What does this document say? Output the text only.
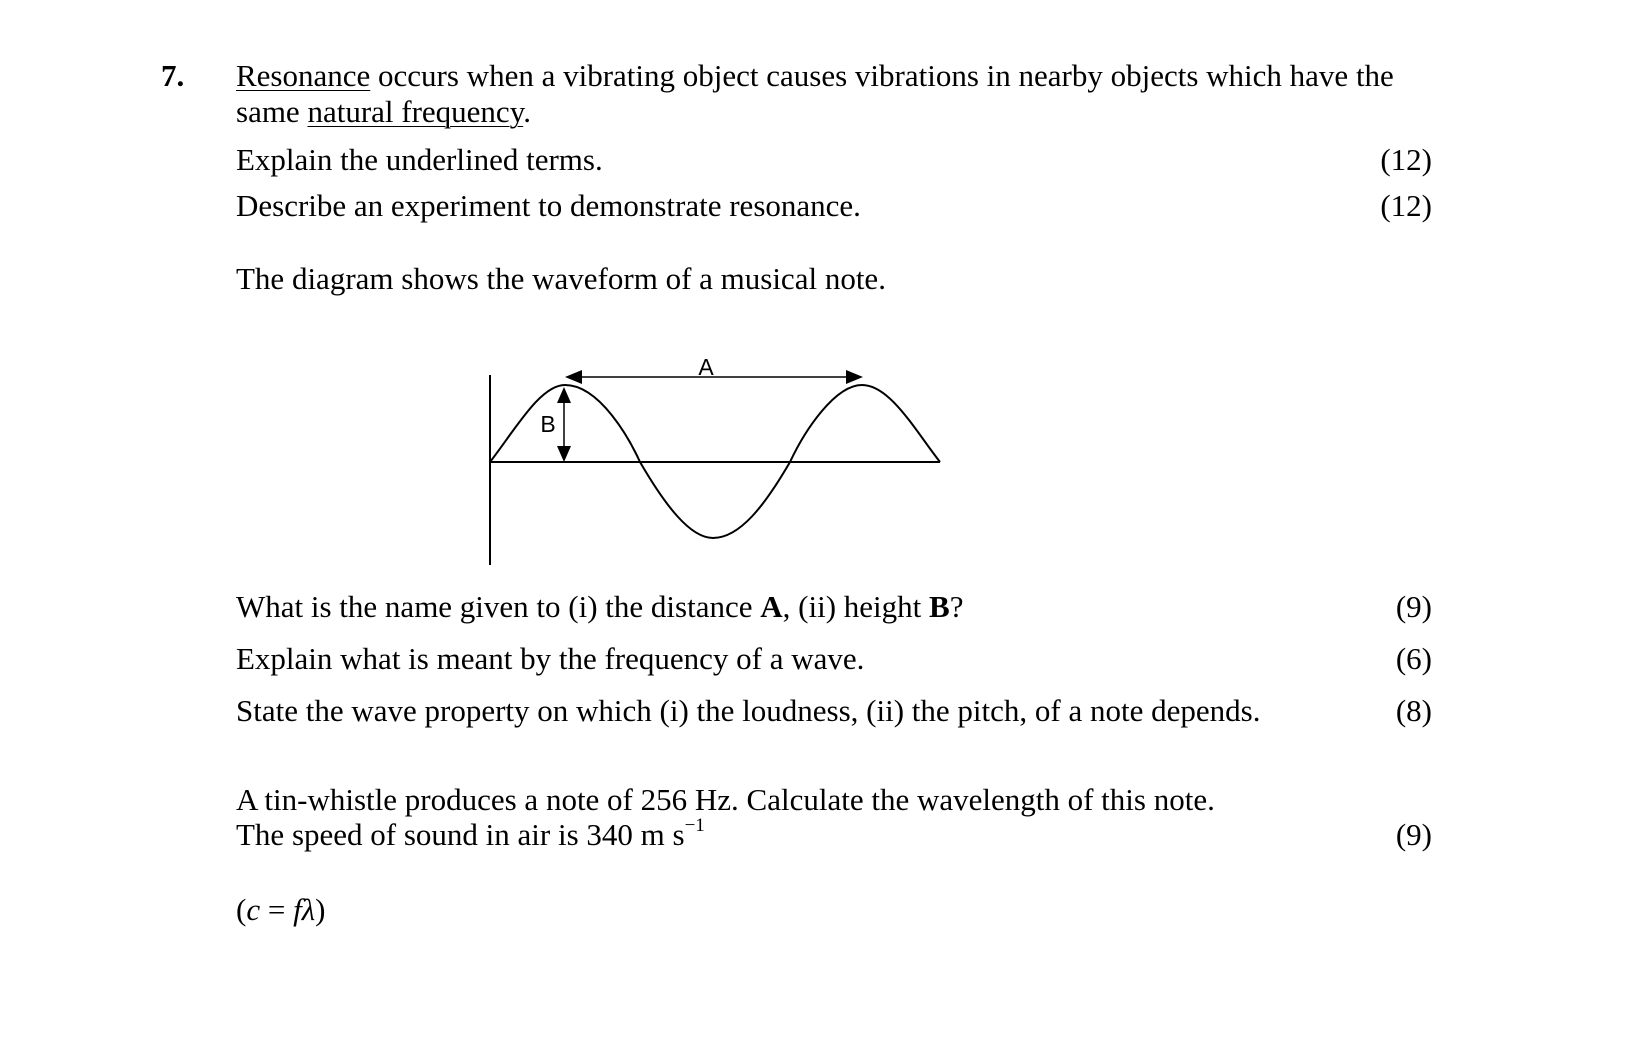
7. Resonance occurs when a vibrating object causes vibrations in nearby objects which have the
same natural frequency.
Explain the underlined terms.	(12)
Describe an experiment to demonstrate resonance.	(12)
The diagram shows the waveform of a musical note.
A
B
What is the name given to (i) the distance A, (ii) height B?	(9)
Explain what is meant by the frequency of a wave.	(6)
State the wave property on which (i) the loudness, (ii) the pitch, of a note depends.	(8)
A tin-whistle produces a note of 256 Hz. Calculate the wavelength of this note.
The speed of sound in air is 340 m $s^{-1}$	(9)
(c = fλ)
